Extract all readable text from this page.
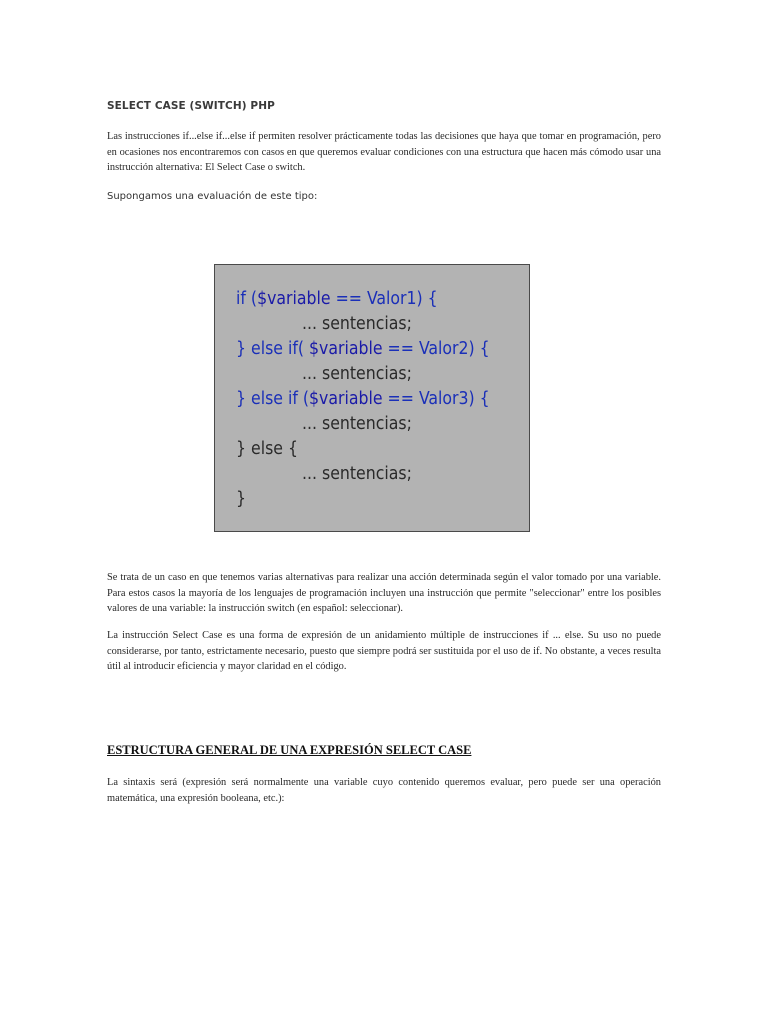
SELECT CASE (SWITCH) PHP

Las instrucciones if...else if...else if permiten resolver prácticamente todas las decisiones que haya que tomar en programación, pero en ocasiones nos encontraremos con casos en que queremos evaluar condiciones con una estructura que hacen más cómodo usar una instrucción alternativa: El Select Case o switch.

Supongamos una evaluación de este tipo:

if ($variable == Valor1) {
... sentencias;
} else if( $variable == Valor2) {
... sentencias;
} else if ($variable == Valor3) {
... sentencias;
} else {
... sentencias;
}

Se trata de un caso en que tenemos varias alternativas para realizar una acción determinada según el valor tomado por una variable. Para estos casos la mayoría de los lenguajes de programación incluyen una instrucción que permite "seleccionar" entre los posibles valores de una variable: la instrucción switch (en español: seleccionar).

La instrucción Select Case es una forma de expresión de un anidamiento múltiple de instrucciones if ... else. Su uso no puede considerarse, por tanto, estrictamente necesario, puesto que siempre podrá ser sustituida por el uso de if. No obstante, a veces resulta útil al introducir eficiencia y mayor claridad en el código.

ESTRUCTURA GENERAL DE UNA EXPRESIÓN SELECT CASE

La sintaxis será (expresión será normalmente una variable cuyo contenido queremos evaluar, pero puede ser una operación matemática, una expresión booleana, etc.):
